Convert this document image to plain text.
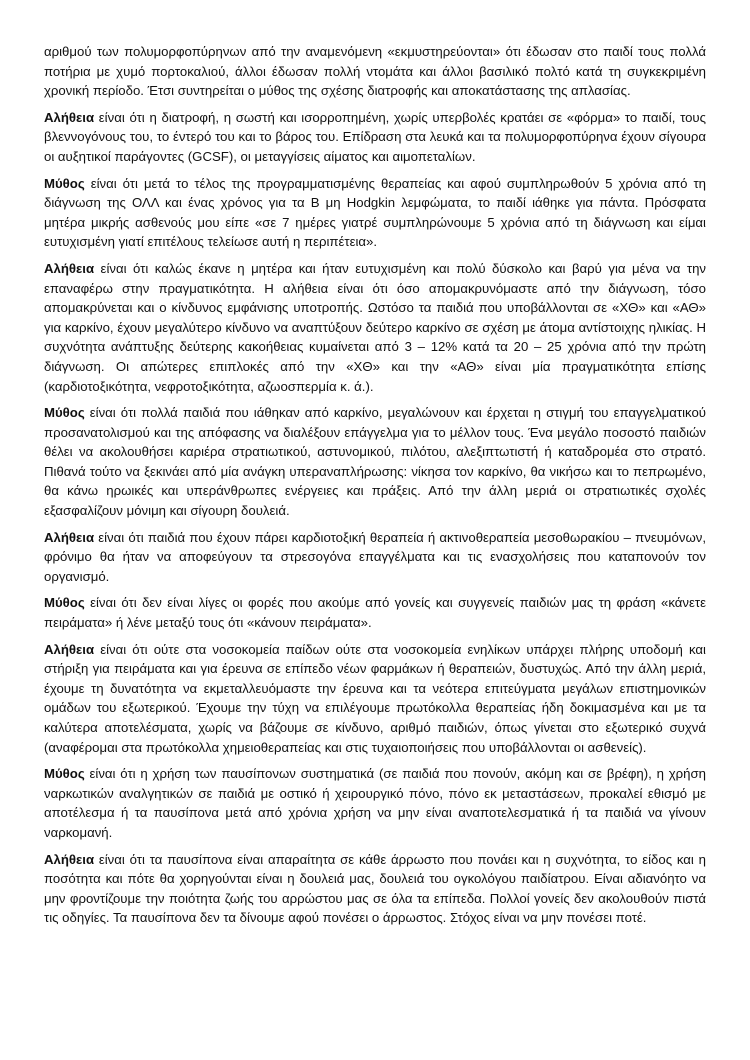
αριθμού των πολυμορφοπύρηνων από την αναμενόμενη «εκμυστηρεύονται» ότι έδωσαν στο παιδί τους πολλά ποτήρια με χυμό πορτοκαλιού, άλλοι έδωσαν πολλή ντομάτα και άλλοι βασιλικό πολτό κατά τη συγκεκριμένη χρονική περίοδο. Έτσι συντηρείται ο μύθος της σχέσης διατροφής και αποκατάστασης της απλασίας.

Αλήθεια είναι ότι η διατροφή, η σωστή και ισορροπημένη, χωρίς υπερβολές κρατάει σε «φόρμα» το παιδί, τους βλεννογόνους του, το έντερό του και το βάρος του. Επίδραση στα λευκά και τα πολυμορφοπύρηνα έχουν σίγουρα οι αυξητικοί παράγοντες (GCSF), οι μεταγγίσεις αίματος και αιμοπεταλίων.

Μύθος είναι ότι μετά το τέλος της προγραμματισμένης θεραπείας και αφού συμπληρωθούν 5 χρόνια από τη διάγνωση της ΟΛΛ και ένας χρόνος για τα Β μη Hodgkin λεμφώματα, το παιδί ιάθηκε για πάντα. Πρόσφατα μητέρα μικρής ασθενούς μου είπε «σε 7 ημέρες γιατρέ συμπληρώνουμε 5 χρόνια από τη διάγνωση και είμαι ευτυχισμένη γιατί επιτέλους τελείωσε αυτή η περιπέτεια».

Αλήθεια είναι ότι καλώς έκανε η μητέρα και ήταν ευτυχισμένη και πολύ δύσκολο και βαρύ για μένα να την επαναφέρω στην πραγματικότητα. Η αλήθεια είναι ότι όσο απομακρυνόμαστε από την διάγνωση, τόσο απομακρύνεται και ο κίνδυνος εμφάνισης υποτροπής. Ωστόσο τα παιδιά που υποβάλλονται σε «ΧΘ» και «ΑΘ» για καρκίνο, έχουν μεγαλύτερο κίνδυνο να αναπτύξουν δεύτερο καρκίνο σε σχέση με άτομα αντίστοιχης ηλικίας. Η συχνότητα ανάπτυξης δεύτερης κακοήθειας κυμαίνεται από 3 – 12% κατά τα 20 – 25 χρόνια από την πρώτη διάγνωση. Οι απώτερες επιπλοκές από την «ΧΘ» και την «ΑΘ» είναι μία πραγματικότητα επίσης (καρδιοτοξικότητα, νεφροτοξικότητα, αζωοσπερμία κ. ά.).

Μύθος είναι ότι πολλά παιδιά που ιάθηκαν από καρκίνο, μεγαλώνουν και έρχεται η στιγμή του επαγγελματικού προσανατολισμού και της απόφασης να διαλέξουν επάγγελμα για το μέλλον τους. Ένα μεγάλο ποσοστό παιδιών θέλει να ακολουθήσει καριέρα στρατιωτικού, αστυνομικού, πιλότου, αλεξιπτωτιστή ή καταδρομέα στο στρατό. Πιθανά τούτο να ξεκινάει από μία ανάγκη υπεραναπλήρωσης: νίκησα τον καρκίνο, θα νικήσω και το πεπρωμένο, θα κάνω ηρωικές και υπεράνθρωπες ενέργειες και πράξεις. Από την άλλη μεριά οι στρατιωτικές σχολές εξασφαλίζουν μόνιμη και σίγουρη δουλειά.

Αλήθεια είναι ότι παιδιά που έχουν πάρει καρδιοτοξική θεραπεία ή ακτινοθεραπεία μεσοθωρακίου – πνευμόνων, φρόνιμο θα ήταν να αποφεύγουν τα στρεσογόνα επαγγέλματα και τις ενασχολήσεις που καταπονούν τον οργανισμό.

Μύθος είναι ότι δεν είναι λίγες οι φορές που ακούμε από γονείς και συγγενείς παιδιών μας τη φράση «κάνετε πειράματα» ή λένε μεταξύ τους ότι «κάνουν πειράματα».

Αλήθεια είναι ότι ούτε στα νοσοκομεία παίδων ούτε στα νοσοκομεία ενηλίκων υπάρχει πλήρης υποδομή και στήριξη για πειράματα και για έρευνα σε επίπεδο νέων φαρμάκων ή θεραπειών, δυστυχώς. Από την άλλη μεριά, έχουμε τη δυνατότητα να εκμεταλλευόμαστε την έρευνα και τα νεότερα επιτεύγματα μεγάλων επιστημονικών ομάδων του εξωτερικού. Έχουμε την τύχη να επιλέγουμε πρωτόκολλα θεραπείας ήδη δοκιμασμένα και με τα καλύτερα αποτελέσματα, χωρίς να βάζουμε σε κίνδυνο, αριθμό παιδιών, όπως γίνεται στο εξωτερικό συχνά (αναφέρομαι στα πρωτόκολλα χημειοθεραπείας και στις τυχαιοποιήσεις που υποβάλλονται οι ασθενείς).

Μύθος είναι ότι η χρήση των παυσίπονων συστηματικά (σε παιδιά που πονούν, ακόμη και σε βρέφη), η χρήση ναρκωτικών αναλγητικών σε παιδιά με οστικό ή χειρουργικό πόνο, πόνο εκ μεταστάσεων, προκαλεί εθισμό με αποτέλεσμα ή τα παυσίπονα μετά από χρόνια χρήση να μην είναι αναποτελεσματικά ή τα παιδιά να γίνουν ναρκομανή.

Αλήθεια είναι ότι τα παυσίπονα είναι απαραίτητα σε κάθε άρρωστο που πονάει και η συχνότητα, το είδος και η ποσότητα και πότε θα χορηγούνται είναι η δουλειά μας, δουλειά του ογκολόγου παιδίατρου. Είναι αδιανόητο να μην φροντίζουμε την ποιότητα ζωής του αρρώστου μας σε όλα τα επίπεδα. Πολλοί γονείς δεν ακολουθούν πιστά τις οδηγίες. Τα παυσίπονα δεν τα δίνουμε αφού πονέσει ο άρρωστος. Στόχος είναι να μην πονέσει ποτέ.
